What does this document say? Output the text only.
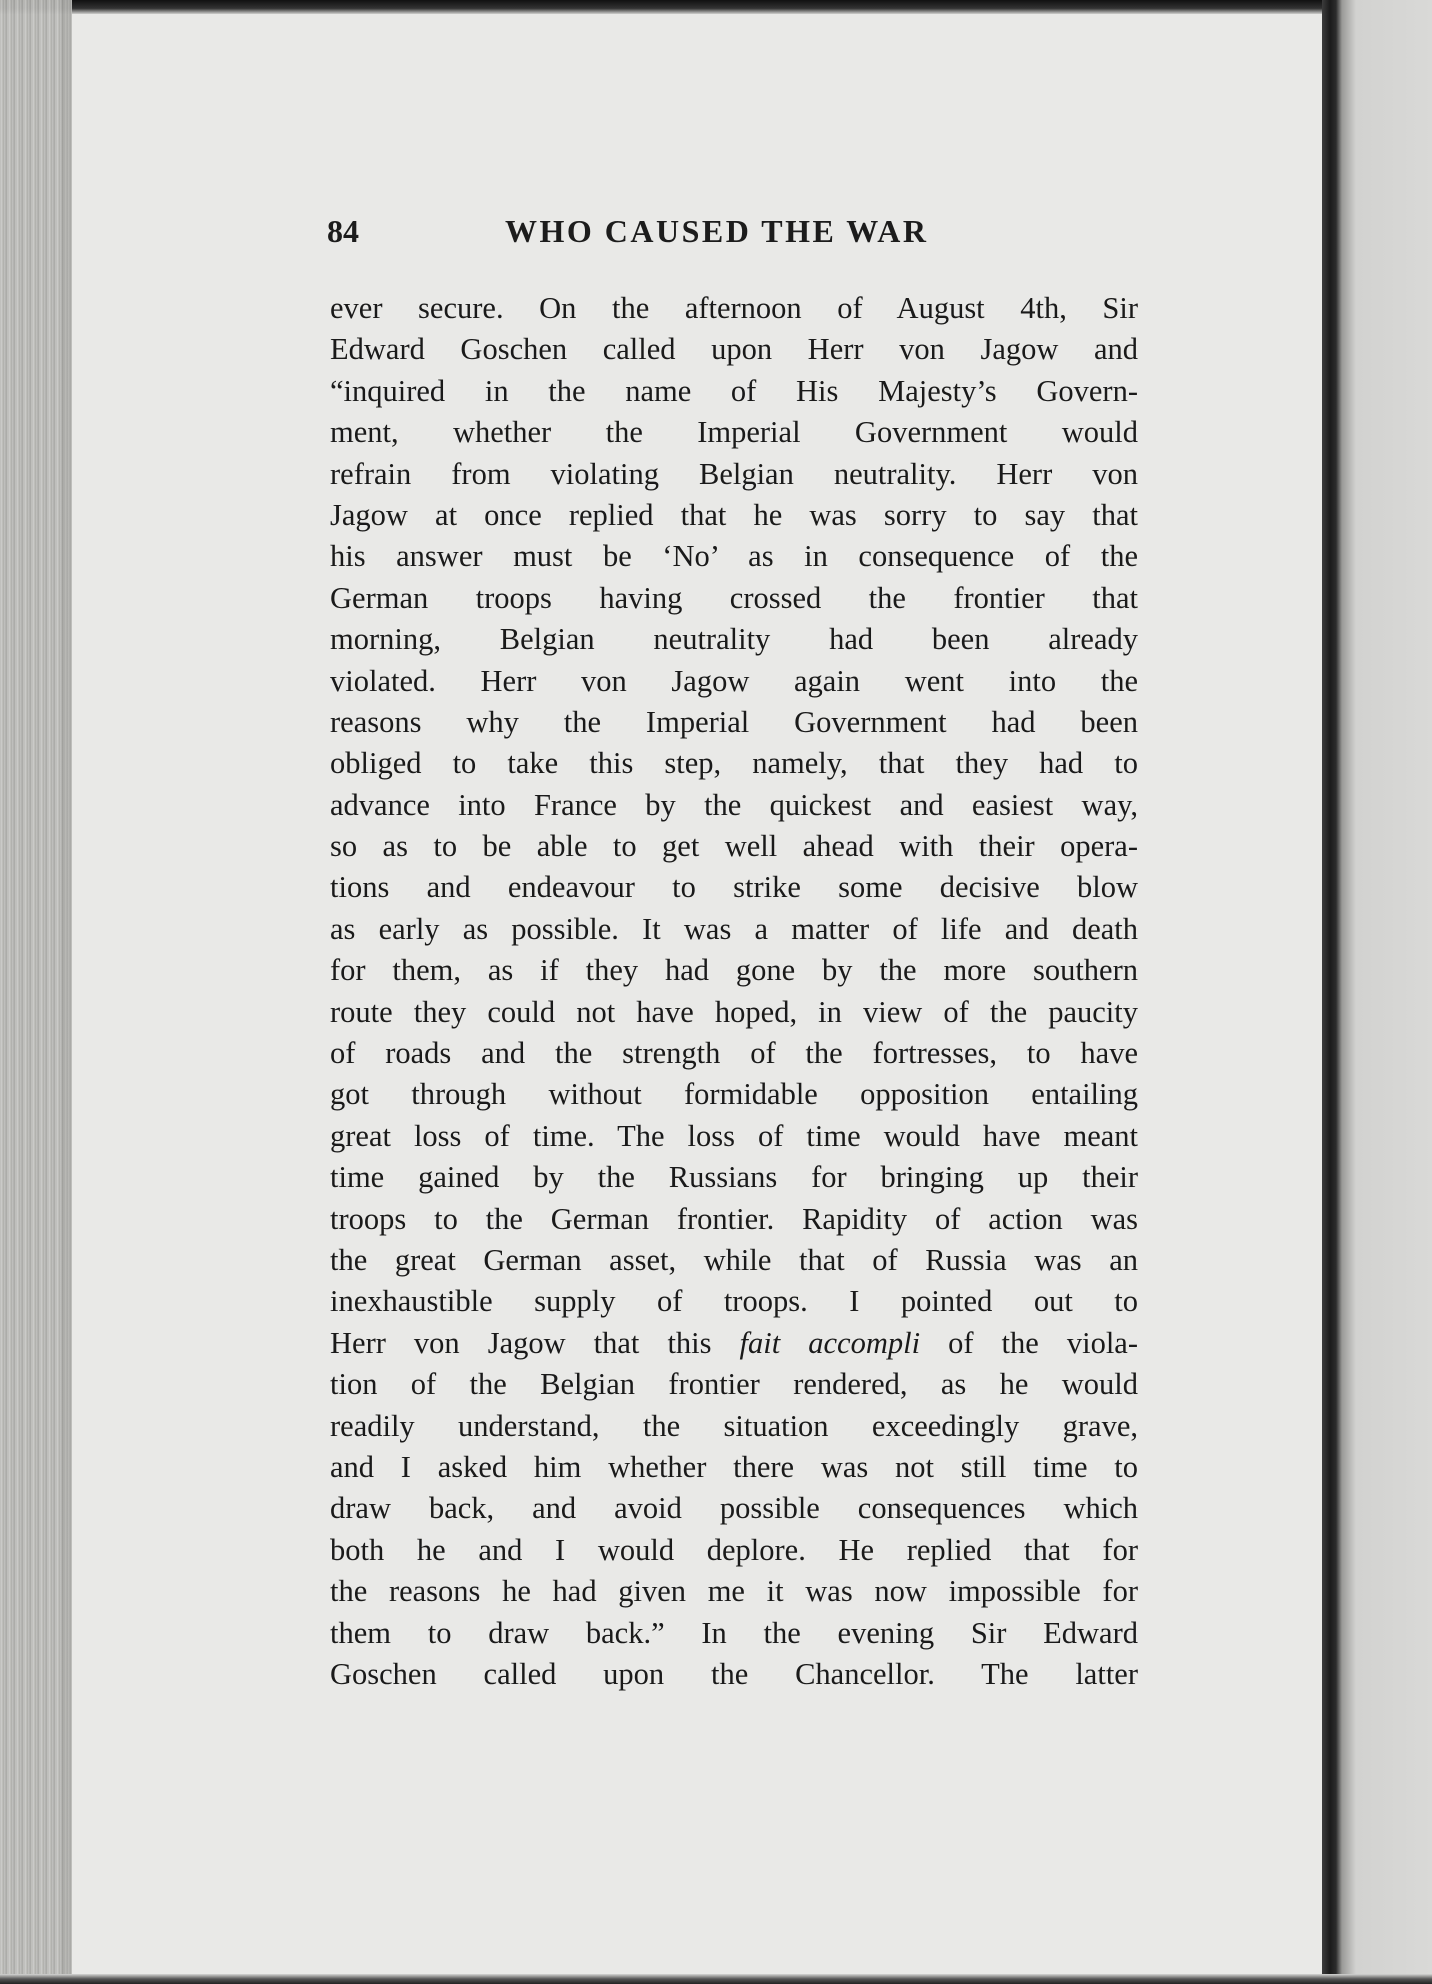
84	WHO CAUSED THE WAR
ever secure. On the afternoon of August 4th, Sir
Edward Goschen called upon Herr von Jagow and
“inquired in the name of His Majesty’s Govern-
ment, whether the Imperial Government would
refrain from violating Belgian neutrality. Herr von
Jagow at once replied that he was sorry to say that
his answer must be ‘No’ as in consequence of the
German troops having crossed the frontier that
morning, Belgian neutrality had been already
violated. Herr von Jagow again went into the
reasons why the Imperial Government had been
obliged to take this step, namely, that they had to
advance into France by the quickest and easiest way,
so as to be able to get well ahead with their opera-
tions and endeavour to strike some decisive blow
as early as possible. It was a matter of life and death
for them, as if they had gone by the more southern
route they could not have hoped, in view of the paucity
of roads and the strength of the fortresses, to have
got through without formidable opposition entailing
great loss of time. The loss of time would have meant
time gained by the Russians for bringing up their
troops to the German frontier. Rapidity of action was
the great German asset, while that of Russia was an
inexhaustible supply of troops. I pointed out to
Herr von Jagow that this fait accompli of the viola-
tion of the Belgian frontier rendered, as he would
readily understand, the situation exceedingly grave,
and I asked him whether there was not still time to
draw back, and avoid possible consequences which
both he and I would deplore. He replied that for
the reasons he had given me it was now impossible for
them to draw back.” In the evening Sir Edward
Goschen called upon the Chancellor. The latter
